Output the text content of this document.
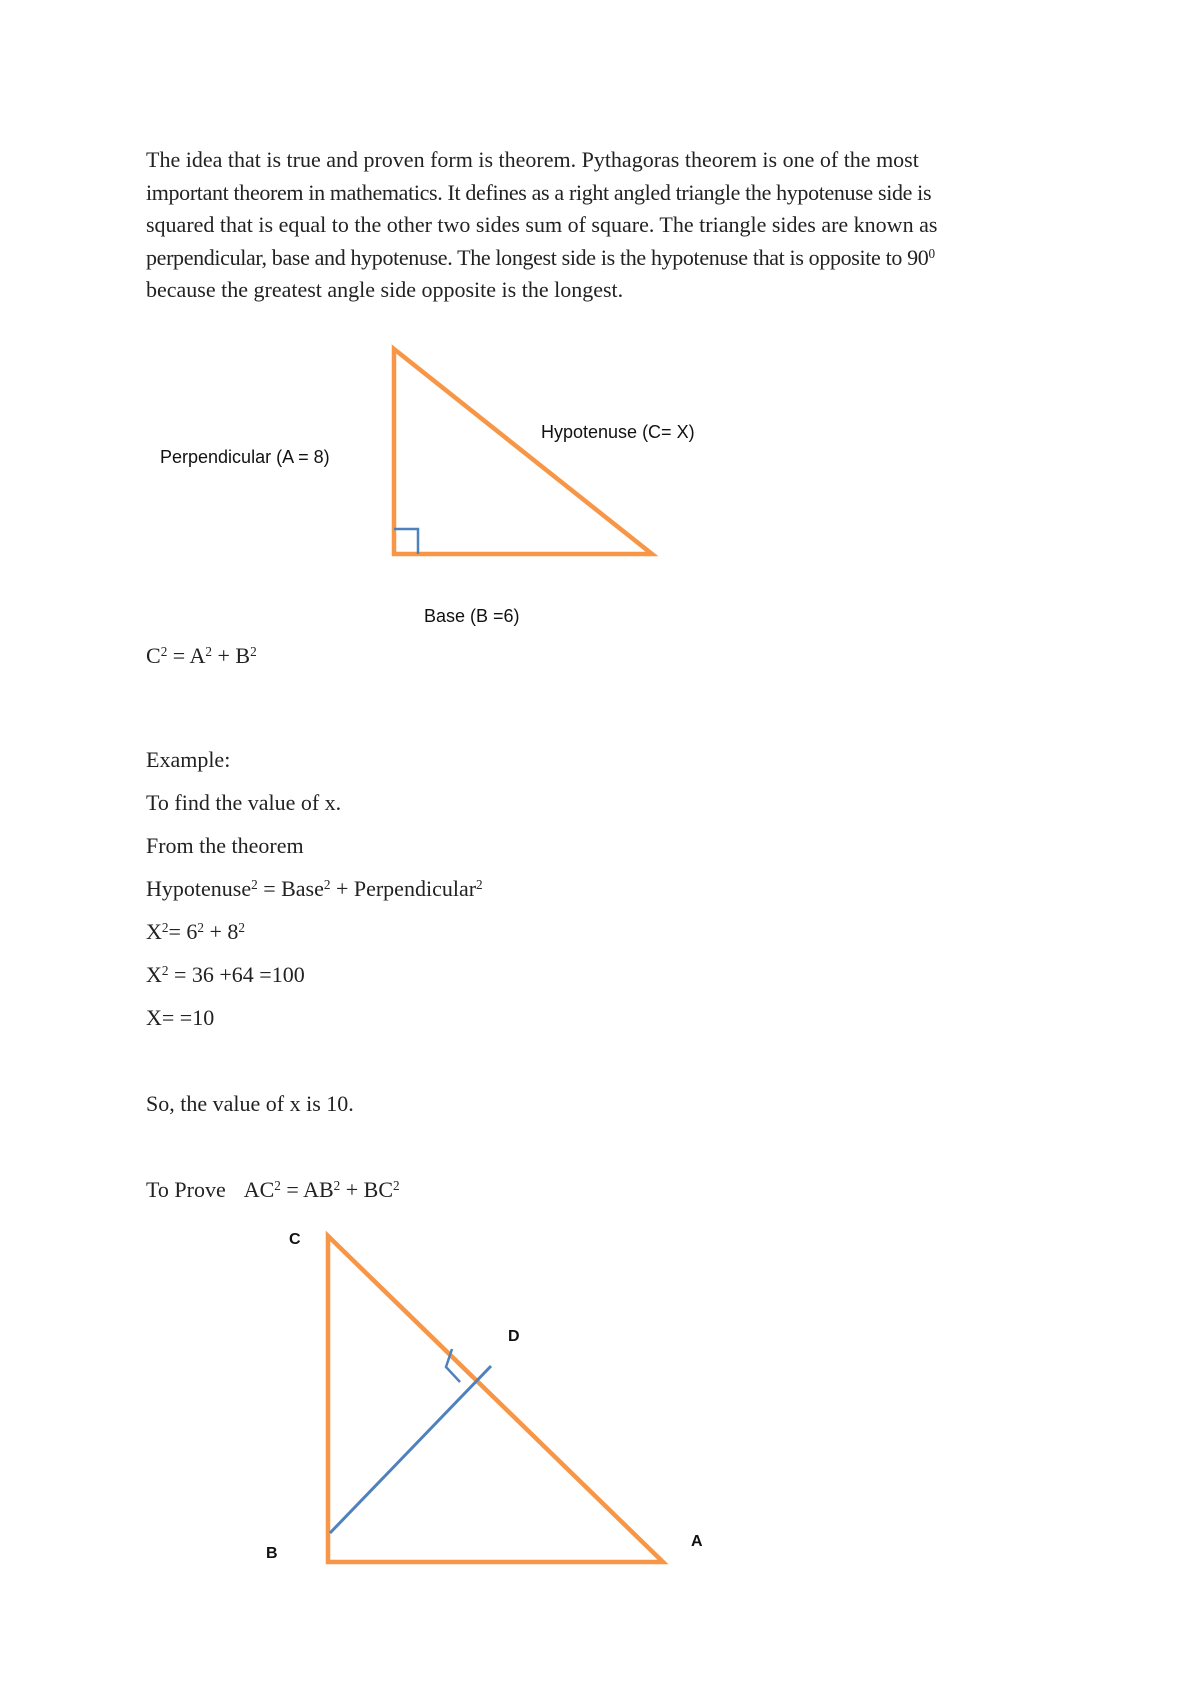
The idea that is true and proven form is theorem. Pythagoras theorem is one of the most
important theorem in mathematics. It defines as a right angled triangle the hypotenuse side is
squared that is equal to the other two sides sum of square. The triangle sides are known as
perpendicular, base and hypotenuse. The longest side is the hypotenuse that is opposite to $90^0$
because the greatest angle side opposite is the longest.
Perpendicular (A = 8)
Hypotenuse (C= X)
Base (B =6)
$C^2 = A^2 + B^2$
Example:
To find the value of x.
From the theorem
Hypotenuse$^2$ = Base$^2$ + Perpendicular$^2$
$X^2= 6^2 + 8^2$
$X^2 = 36 +64 =100$
X= =10
So, the value of x is 10.
To Prove $AC^2 = AB^2 + BC^2$
C
D
B
A
